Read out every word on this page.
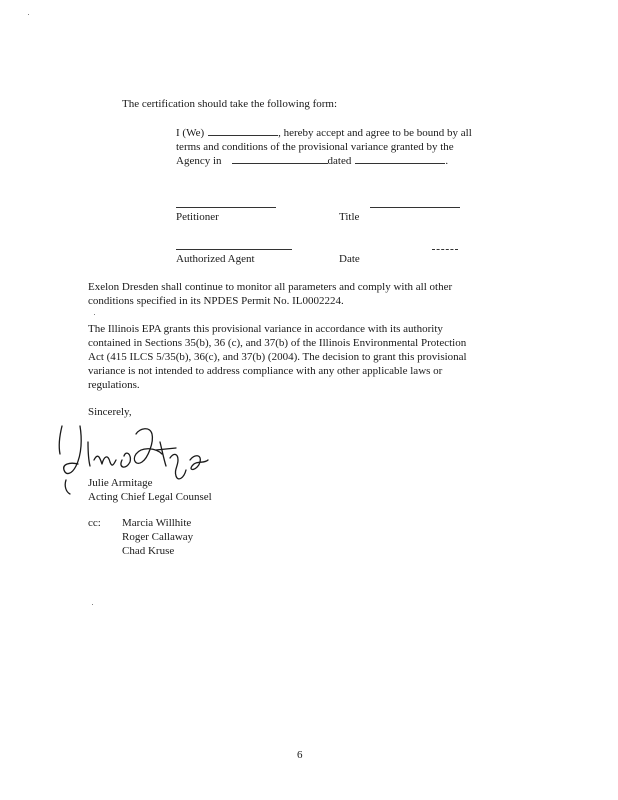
The certification should take the following form:
I (We)	, hereby accept and agree to be bound by all
terms and conditions of the provisional variance granted by the
Agency in	dated	.
Petitioner	Title
Authorized Agent	Date
Exelon Dresden shall continue to monitor all parameters and comply with all other
conditions specified in its NPDES Permit No. IL0002224.
The Illinois EPA grants this provisional variance in accordance with its authority
contained in Sections 35(b), 36 (c), and 37(b) of the Illinois Environmental Protection
Act (415 ILCS 5/35(b), 36(c), and 37(b) (2004). The decision to grant this provisional
variance is not intended to address compliance with any other applicable laws or
regulations.
Sincerely,
Julie Armitage
Acting Chief Legal Counsel
cc: Marcia Willhite
Roger Callaway
Chad Kruse
6
